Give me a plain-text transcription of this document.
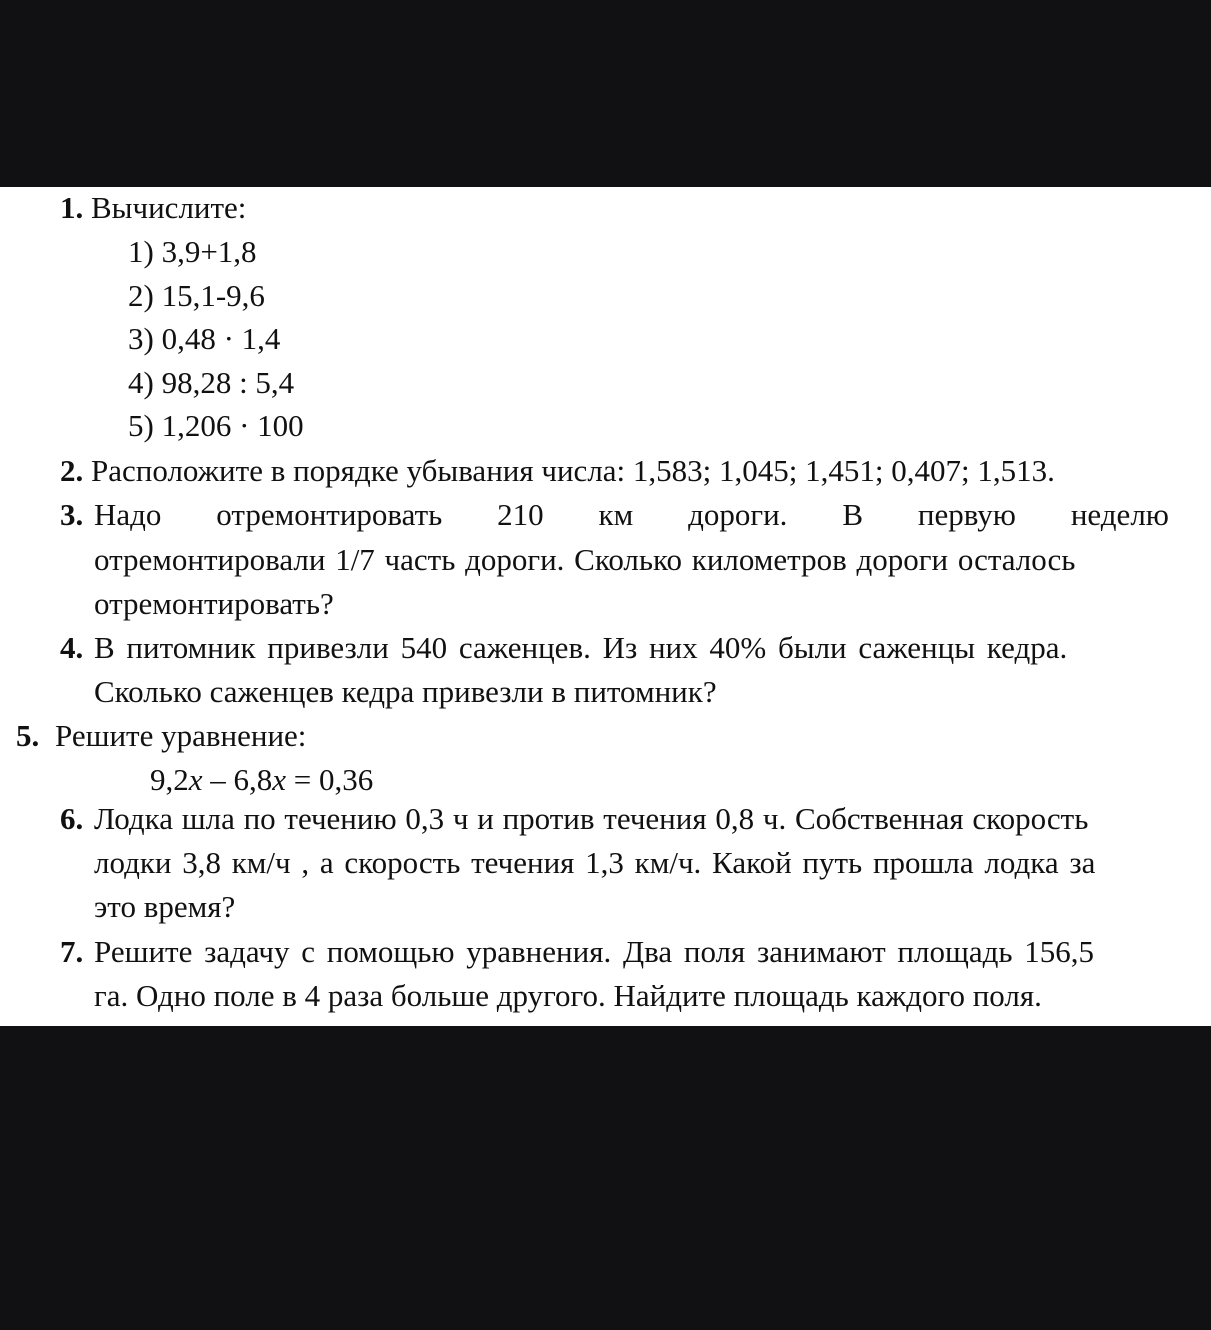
1. Вычислите:
1) 3,9+1,8
2) 15,1-9,6
3) 0,48 · 1,4
4) 98,28 : 5,4
5) 1,206 · 100
2. Расположите в порядке убывания числа: 1,583; 1,045; 1,451; 0,407; 1,513.
3. Надо отремонтировать 210 км дороги. В первую неделю
отремонтировали 1/7 часть дороги. Сколько километров дороги осталось
отремонтировать?
4. В питомник привезли 540 саженцев. Из них 40% были саженцы кедра.
Сколько саженцев кедра привезли в питомник?
5. Решите уравнение:
9,2x – 6,8x = 0,36
6. Лодка шла по течению 0,3 ч и против течения 0,8 ч. Собственная скорость
лодки 3,8 км/ч , а скорость течения 1,3 км/ч. Какой путь прошла лодка за
это время?
7. Решите задачу с помощью уравнения. Два поля занимают площадь 156,5
га. Одно поле в 4 раза больше другого. Найдите площадь каждого поля.
